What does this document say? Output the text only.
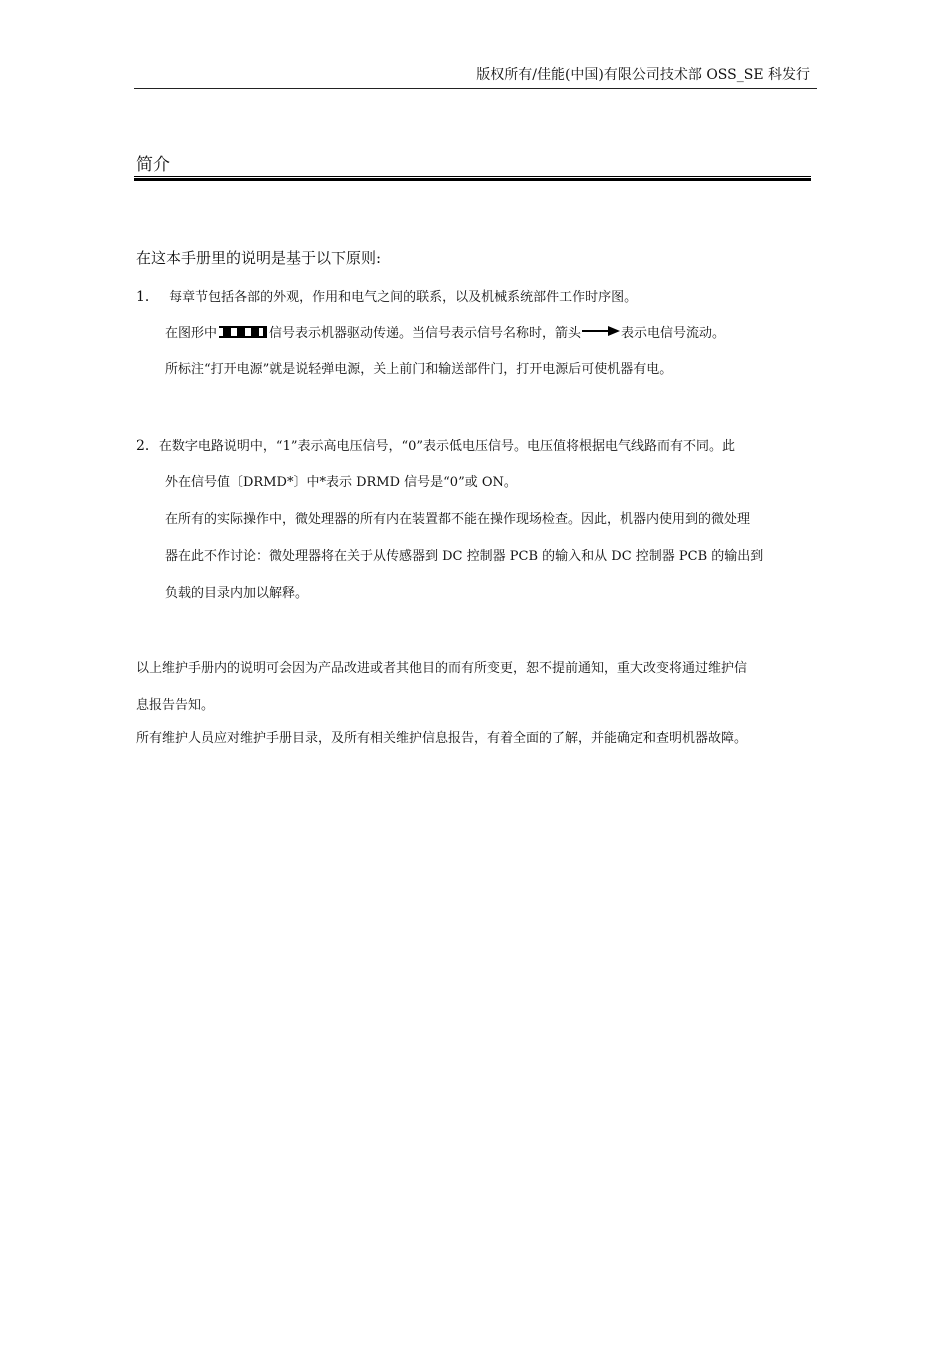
版权所有/佳能(中国)有限公司技术部 OSS_SE 科发行
简介
在这本手册里的说明是基于以下原则:
1． 每章节包括各部的外观，作用和电气之间的联系，以及机械系统部件工作时序图。
在图形中	信号表示机器驱动传递。当信号表示信号名称时，箭头	表示电信号流动。
所标注“打开电源”就是说轻弹电源，关上前门和输送部件门，打开电源后可使机器有电。
2．在数字电路说明中，“1”表示高电压信号，“0”表示低电压信号。电压值将根据电气线路而有不同。此
外在信号值〔DRMD*〕中*表示 DRMD 信号是“0”或 ON。
在所有的实际操作中，微处理器的所有内在装置都不能在操作现场检查。因此，机器内使用到的微处理
器在此不作讨论：微处理器将在关于从传感器到 DC 控制器 PCB 的输入和从 DC 控制器 PCB 的输出到
负载的目录内加以解释。
以上维护手册内的说明可会因为产品改进或者其他目的而有所变更，恕不提前通知，重大改变将通过维护信
息报告告知。
所有维护人员应对维护手册目录，及所有相关维护信息报告，有着全面的了解，并能确定和查明机器故障。
